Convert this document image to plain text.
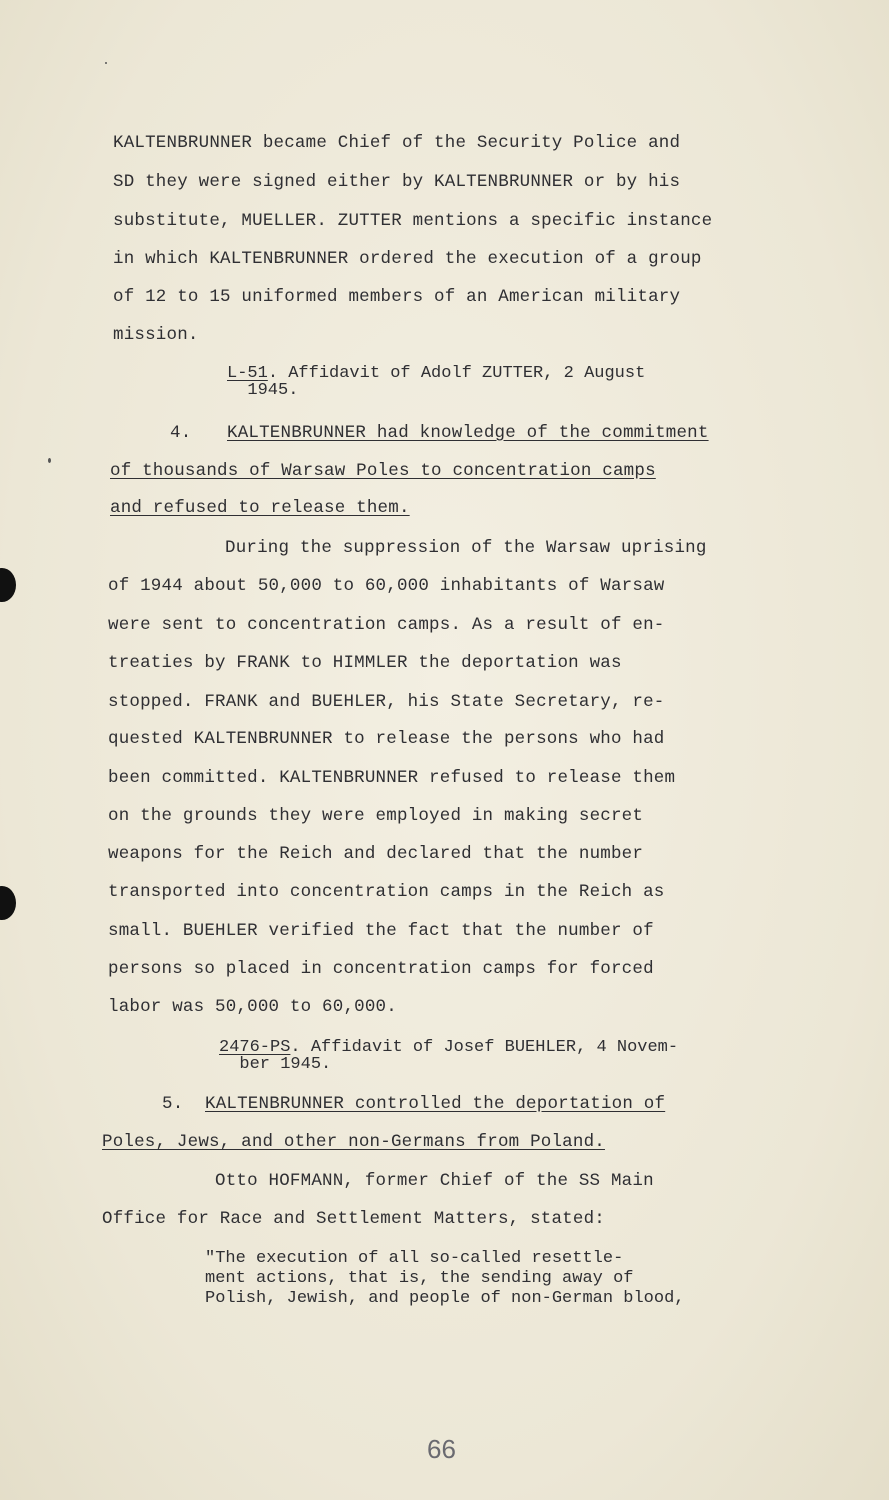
KALTENBRUNNER became Chief of the Security Police and
SD they were signed either by KALTENBRUNNER or by his
substitute, MUELLER. ZUTTER mentions a specific instance
in which KALTENBRUNNER ordered the execution of a group
of 12 to 15 uniformed members of an American military
mission.
L-51. Affidavit of Adolf ZUTTER, 2 August
1945.
4. KALTENBRUNNER had knowledge of the commitment
of thousands of Warsaw Poles to concentration camps
and refused to release them.
During the suppression of the Warsaw uprising
of 1944 about 50,000 to 60,000 inhabitants of Warsaw
were sent to concentration camps. As a result of en-
treaties by FRANK to HIMMLER the deportation was
stopped. FRANK and BUEHLER, his State Secretary, re-
quested KALTENBRUNNER to release the persons who had
been committed. KALTENBRUNNER refused to release them
on the grounds they were employed in making secret
weapons for the Reich and declared that the number
transported into concentration camps in the Reich as
small. BUEHLER verified the fact that the number of
persons so placed in concentration camps for forced
labor was 50,000 to 60,000.
2476-PS. Affidavit of Josef BUEHLER, 4 Novem-
ber 1945.
5. KALTENBRUNNER controlled the deportation of
Poles, Jews, and other non-Germans from Poland.
Otto HOFMANN, former Chief of the SS Main
Office for Race and Settlement Matters, stated:
"The execution of all so-called resettle-
ment actions, that is, the sending away of
Polish, Jewish, and people of non-German blood,
66
